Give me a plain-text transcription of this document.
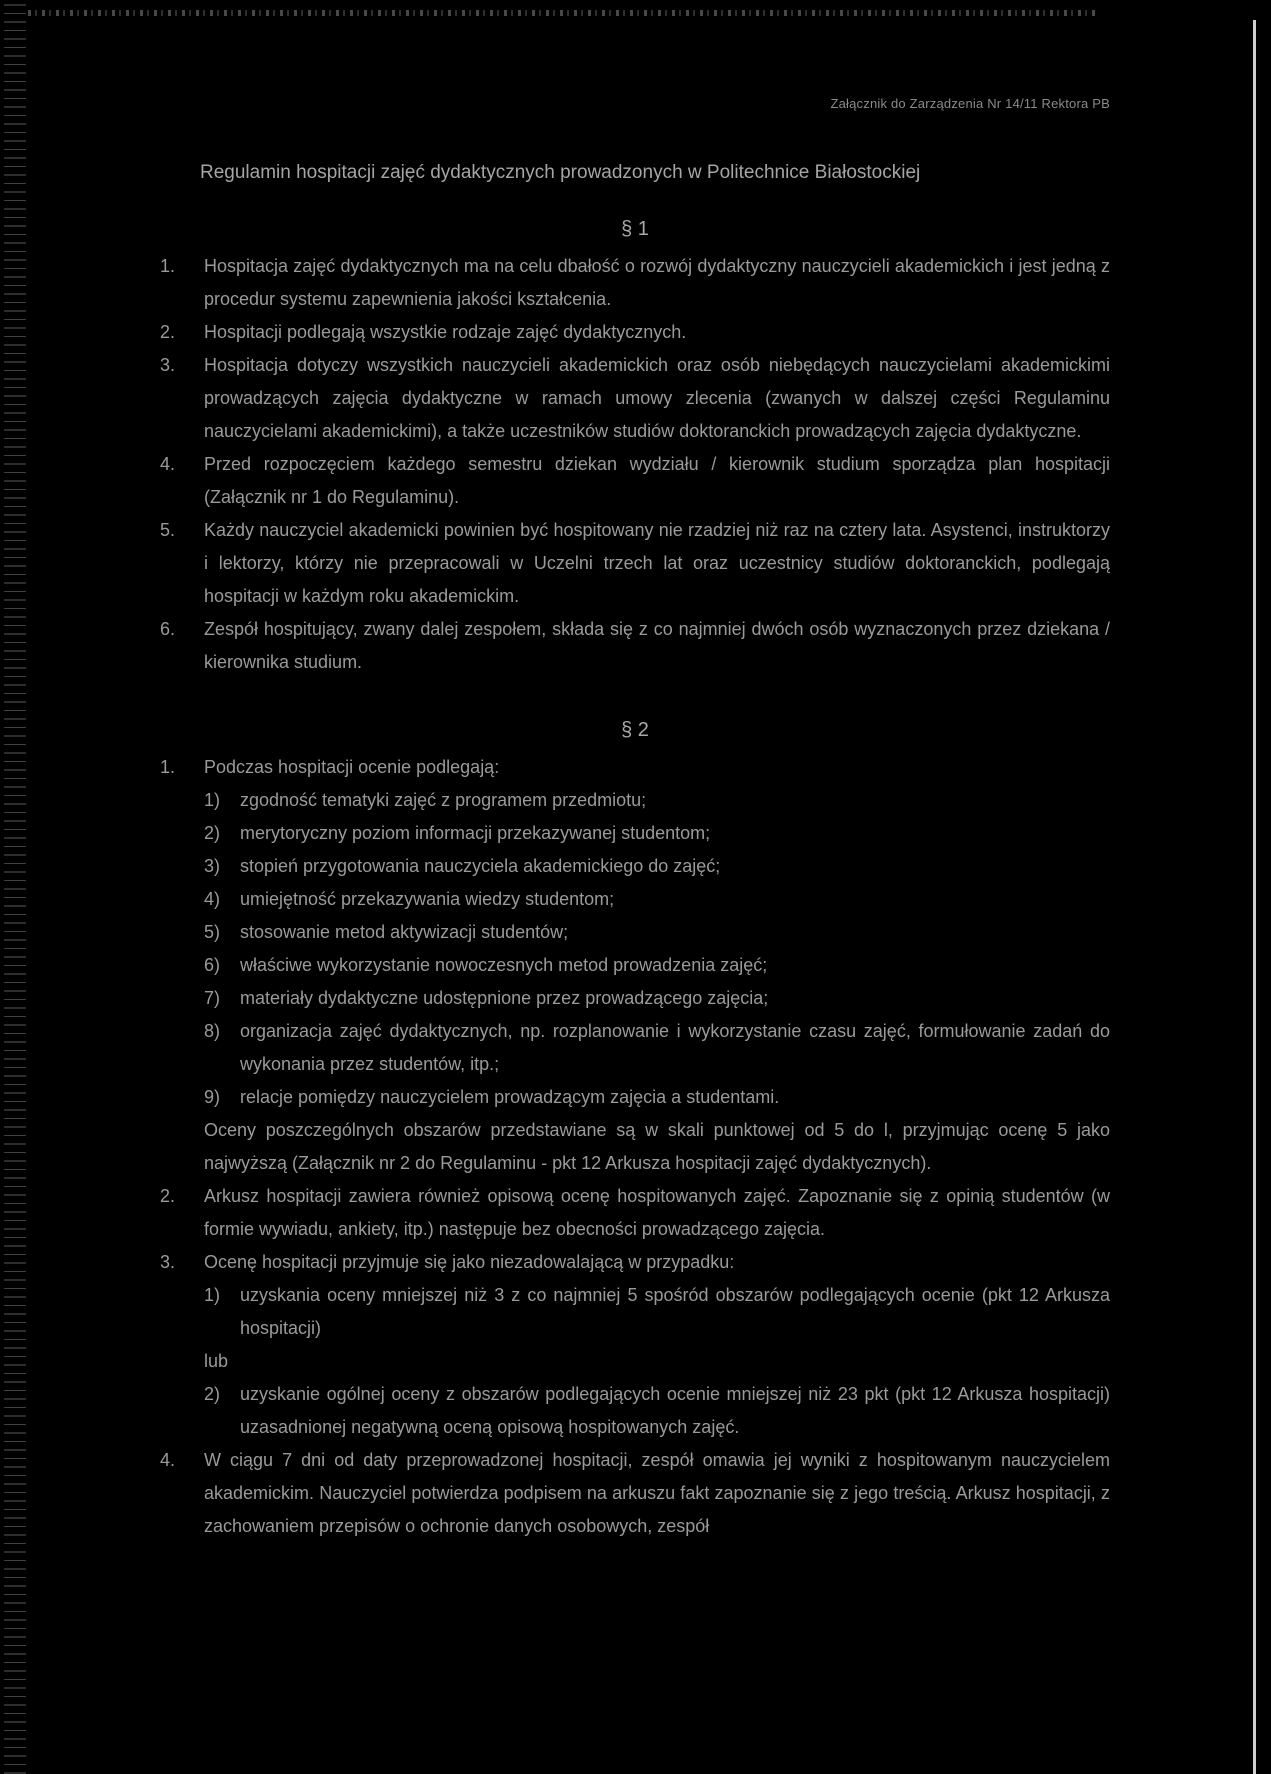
Załącznik do Zarządzenia Nr 14/11 Rektora PB

Regulamin hospitacji zajęć dydaktycznych prowadzonych w Politechnice Białostockiej
§ 1
1.	Hospitacja zajęć dydaktycznych ma na celu dbałość o rozwój dydaktyczny nauczycieli akademickich i jest jedną z procedur systemu zapewnienia jakości kształcenia.
2.	Hospitacji podlegają wszystkie rodzaje zajęć dydaktycznych.
3.	Hospitacja dotyczy wszystkich nauczycieli akademickich oraz osób niebędących nauczycielami akademickimi prowadzących zajęcia dydaktyczne w ramach umowy zlecenia (zwanych w dalszej części Regulaminu nauczycielami akademickimi), a także uczestników studiów doktoranckich prowadzących zajęcia dydaktyczne.
4.	Przed rozpoczęciem każdego semestru dziekan wydziału / kierownik studium sporządza plan hospitacji (Załącznik nr 1 do Regulaminu).
5.	Każdy nauczyciel akademicki powinien być hospitowany nie rzadziej niż raz na cztery lata. Asystenci, instruktorzy i lektorzy, którzy nie przepracowali w Uczelni trzech lat oraz uczestnicy studiów doktoranckich, podlegają hospitacji w każdym roku akademickim.
6.	Zespół hospitujący, zwany dalej zespołem, składa się z co najmniej dwóch osób wyznaczonych przez dziekana / kierownika studium.
§ 2
1.	Podczas hospitacji ocenie podlegają:
1)	zgodność tematyki zajęć z programem przedmiotu;
2)	merytoryczny poziom informacji przekazywanej studentom;
3)	stopień przygotowania nauczyciela akademickiego do zajęć;
4)	umiejętność przekazywania wiedzy studentom;
5)	stosowanie metod aktywizacji studentów;
6)	właściwe wykorzystanie nowoczesnych metod prowadzenia zajęć;
7)	materiały dydaktyczne udostępnione przez prowadzącego zajęcia;
8)	organizacja zajęć dydaktycznych, np. rozplanowanie i wykorzystanie czasu zajęć, formułowanie zadań do wykonania przez studentów, itp.;
9)	relacje pomiędzy nauczycielem prowadzącym zajęcia a studentami.
Oceny poszczególnych obszarów przedstawiane są w skali punktowej od 5 do l, przyjmując ocenę 5 jako najwyższą (Załącznik nr 2 do Regulaminu - pkt 12 Arkusza hospitacji zajęć dydaktycznych).
2.	Arkusz hospitacji zawiera również opisową ocenę hospitowanych zajęć. Zapoznanie się z opinią studentów (w formie wywiadu, ankiety, itp.) następuje bez obecności prowadzącego zajęcia.
3.	Ocenę hospitacji przyjmuje się jako niezadowalającą w przypadku:
1)	uzyskania oceny mniejszej niż 3 z co najmniej 5 spośród obszarów podlegających ocenie (pkt 12 Arkusza hospitacji)
lub
2)	uzyskanie ogólnej oceny z obszarów podlegających ocenie mniejszej niż 23 pkt (pkt 12 Arkusza hospitacji) uzasadnionej negatywną oceną opisową hospitowanych zajęć.
4.	W ciągu 7 dni od daty przeprowadzonej hospitacji, zespół omawia jej wyniki z hospitowanym nauczycielem akademickim. Nauczyciel potwierdza podpisem na arkuszu fakt zapoznanie się z jego treścią. Arkusz hospitacji, z zachowaniem przepisów o ochronie danych osobowych, zespół
